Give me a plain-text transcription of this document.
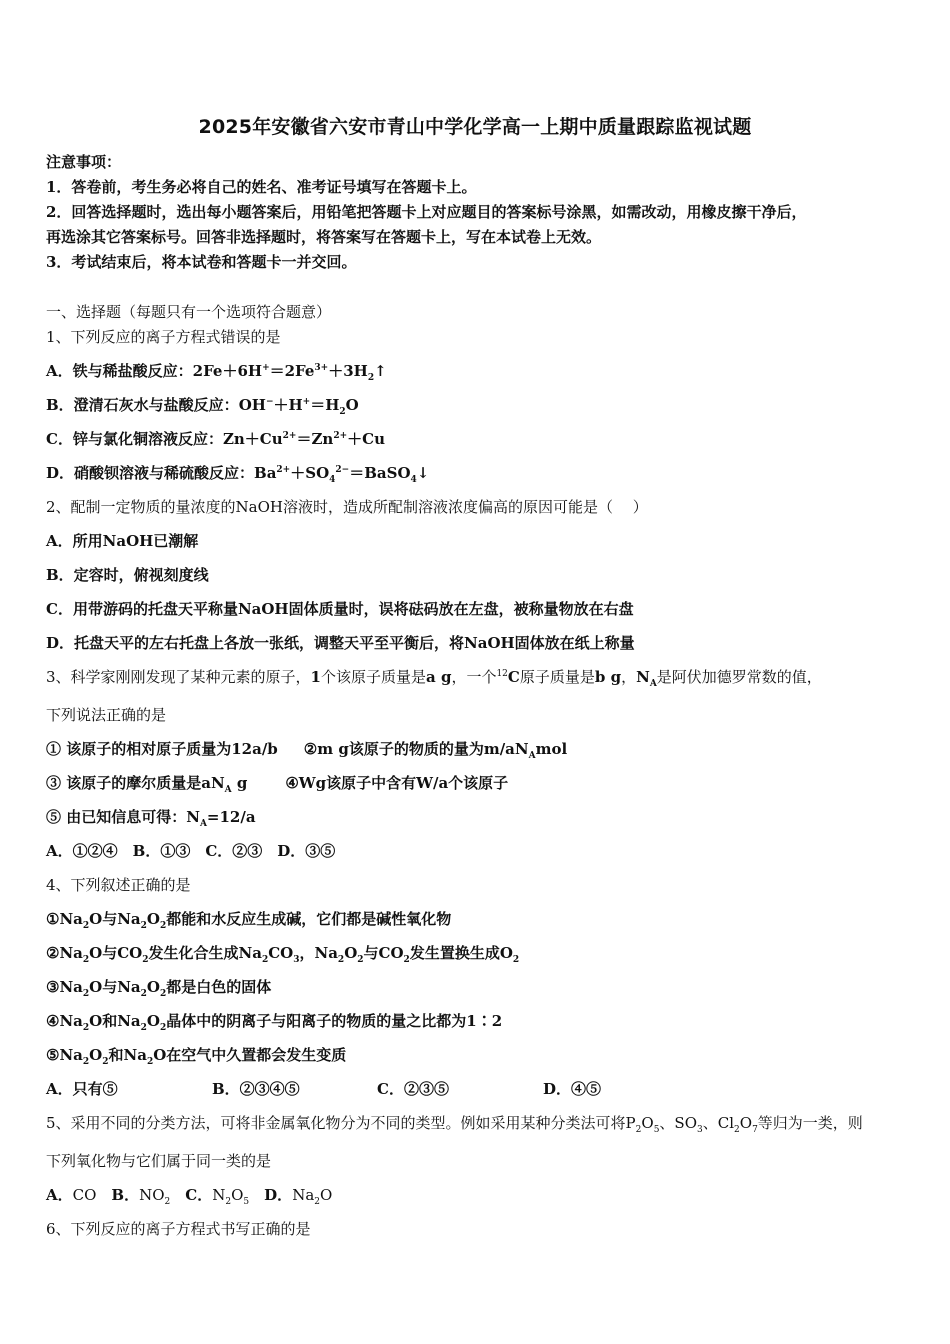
2025年安徽省六安市青山中学化学高一上期中质量跟踪监视试题
注意事项：
1．答卷前，考生务必将自己的姓名、准考证号填写在答题卡上。
2．回答选择题时，选出每小题答案后，用铅笔把答题卡上对应题目的答案标号涂黑，如需改动，用橡皮擦干净后，
再选涂其它答案标号。回答非选择题时，将答案写在答题卡上，写在本试卷上无效。
3．考试结束后，将本试卷和答题卡一并交回。
一、选择题（每题只有一个选项符合题意）
1、下列反应的离子方程式错误的是
A．铁与稀盐酸反应：$2Fe+6H^+=2Fe^{3+}+3H_2↑$
B．澄清石灰水与盐酸反应：$OH^-+H^+=H_2O$
C．锌与氯化铜溶液反应：$Zn+Cu^{2+}=Zn^{2+}+Cu$
D．硝酸钡溶液与稀硫酸反应：$Ba^{2+}+SO_4^{2-}=BaSO_4↓$
2、配制一定物质的量浓度的NaOH溶液时，造成所配制溶液浓度偏高的原因可能是（　 ）
A．所用NaOH已潮解
B．定容时，俯视刻度线
C．用带游码的托盘天平称量NaOH固体质量时，误将砝码放在左盘，被称量物放在右盘
D．托盘天平的左右托盘上各放一张纸，调整天平至平衡后，将NaOH固体放在纸上称量
3、科学家刚刚发现了某种元素的原子，1个该原子质量是a g，一个$^{12}$C原子质量是b g，$N_A$是阿伏加德罗常数的值，
下列说法正确的是
① 该原子的相对原子质量为12a/b ②m g该原子的物质的量为$m/aN_Amol$
③ 该原子的摩尔质量是$aN_A$ g	④Wg该原子中含有W/a个该原子
⑤ 由已知信息可得：$N_A=12/a$
A．①②④　B．①③　C．②③　D．③⑤
4、下列叙述正确的是
$①Na_2O$与$Na_2O_2$都能和水反应生成碱，它们都是碱性氧化物
$②Na_2O$与$CO_2$发生化合生成$Na_2CO_3$，$Na_2O_2$与$CO_2$发生置换生成$O_2$
$③Na_2O$与$Na_2O_2$都是白色的固体
$④Na_2O$和$Na_2O_2$晶体中的阴离子与阳离子的物质的量之比都为1∶2
$⑤Na_2O_2$和$Na_2O$在空气中久置都会发生变质
A．只有⑤	B．②③④⑤	C．②③⑤	D．④⑤
5、采用不同的分类方法，可将非金属氧化物分为不同的类型。例如采用某种分类法可将$P_2O_5$、$SO_3$、$Cl_2O_7$等归为一类，则
下列氧化物与它们属于同一类的是
A．CO　B．$NO_2$　 C．$N_2O_5$　 D．$Na_2O$
6、下列反应的离子方程式书写正确的是
